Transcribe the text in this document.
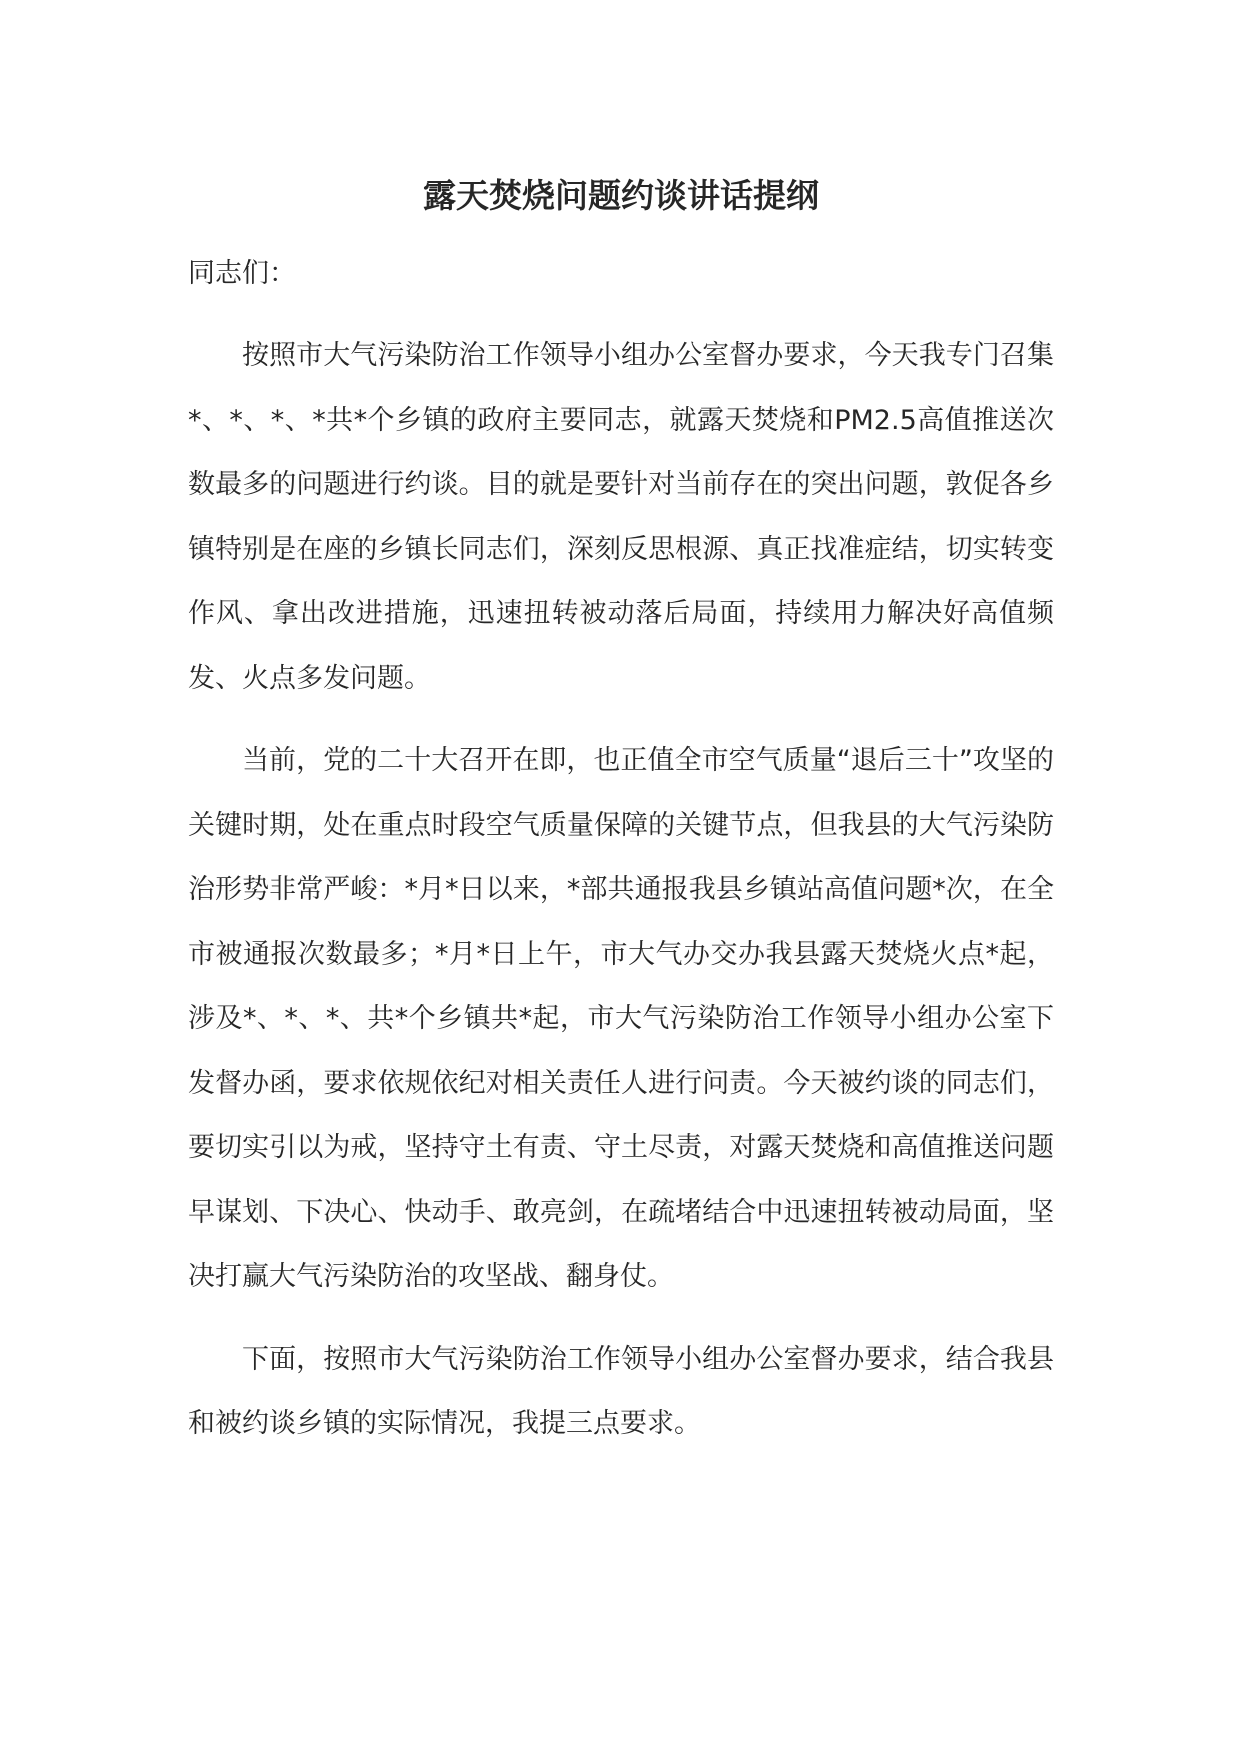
露天焚烧问题约谈讲话提纲

同志们：

按照市大气污染防治工作领导小组办公室督办要求，今天我专门召集*、*、*、*共*个乡镇的政府主要同志，就露天焚烧和PM2.5高值推送次数最多的问题进行约谈。目的就是要针对当前存在的突出问题，敦促各乡镇特别是在座的乡镇长同志们，深刻反思根源、真正找准症结，切实转变作风、拿出改进措施，迅速扭转被动落后局面，持续用力解决好高值频发、火点多发问题。

当前，党的二十大召开在即，也正值全市空气质量“退后三十”攻坚的关键时期，处在重点时段空气质量保障的关键节点，但我县的大气污染防治形势非常严峻：*月*日以来，*部共通报我县乡镇站高值问题*次，在全市被通报次数最多；*月*日上午，市大气办交办我县露天焚烧火点*起，涉及*、*、*、共*个乡镇共*起，市大气污染防治工作领导小组办公室下发督办函，要求依规依纪对相关责任人进行问责。今天被约谈的同志们，要切实引以为戒，坚持守土有责、守土尽责，对露天焚烧和高值推送问题早谋划、下决心、快动手、敢亮剑，在疏堵结合中迅速扭转被动局面，坚决打赢大气污染防治的攻坚战、翻身仗。

下面，按照市大气污染防治工作领导小组办公室督办要求，结合我县和被约谈乡镇的实际情况，我提三点要求。
